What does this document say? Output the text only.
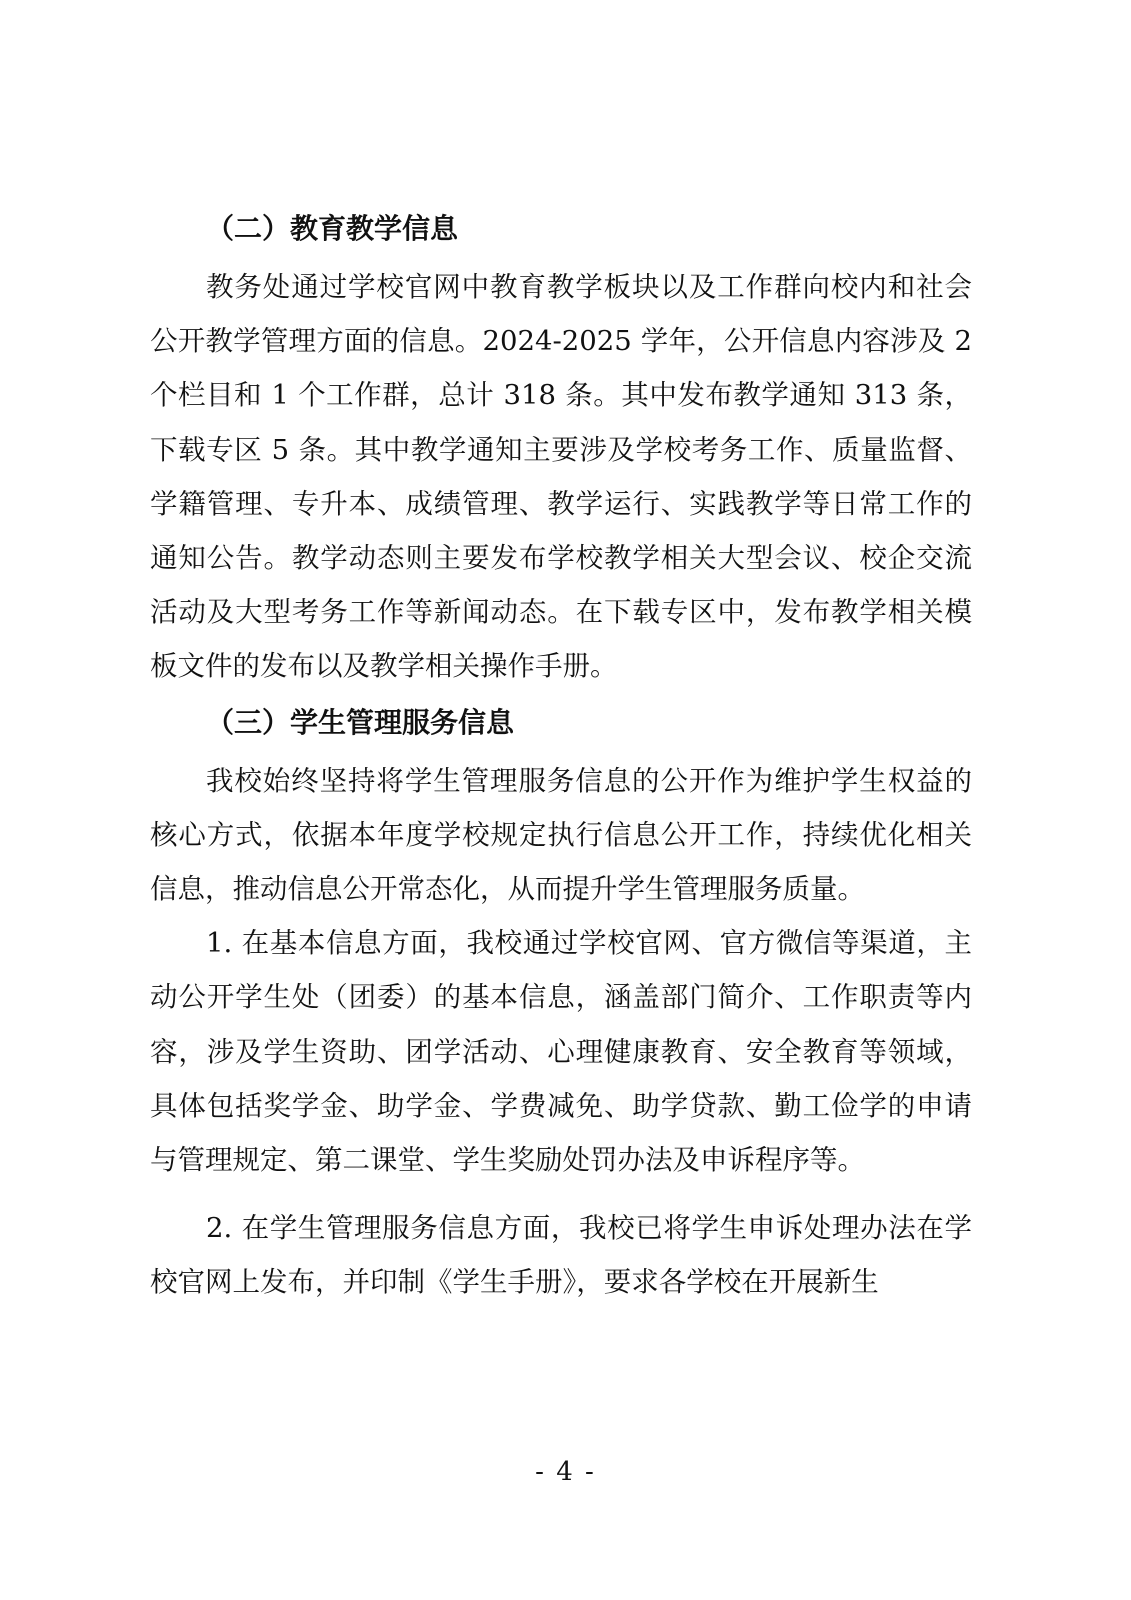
（二）教育教学信息

教务处通过学校官网中教育教学板块以及工作群向校内和社会公开教学管理方面的信息。2024-2025 学年，公开信息内容涉及 2 个栏目和 1 个工作群，总计 318 条。其中发布教学通知 313 条，下载专区 5 条。其中教学通知主要涉及学校考务工作、质量监督、学籍管理、专升本、成绩管理、教学运行、实践教学等日常工作的通知公告。教学动态则主要发布学校教学相关大型会议、校企交流活动及大型考务工作等新闻动态。在下载专区中，发布教学相关模板文件的发布以及教学相关操作手册。

（三）学生管理服务信息

我校始终坚持将学生管理服务信息的公开作为维护学生权益的核心方式，依据本年度学校规定执行信息公开工作，持续优化相关信息，推动信息公开常态化，从而提升学生管理服务质量。

1. 在基本信息方面，我校通过学校官网、官方微信等渠道，主动公开学生处（团委）的基本信息，涵盖部门简介、工作职责等内容，涉及学生资助、团学活动、心理健康教育、安全教育等领域，具体包括奖学金、助学金、学费减免、助学贷款、勤工俭学的申请与管理规定、第二课堂、学生奖励处罚办法及申诉程序等。

2. 在学生管理服务信息方面，我校已将学生申诉处理办法在学校官网上发布，并印制《学生手册》，要求各学校在开展新生

- 4 -
